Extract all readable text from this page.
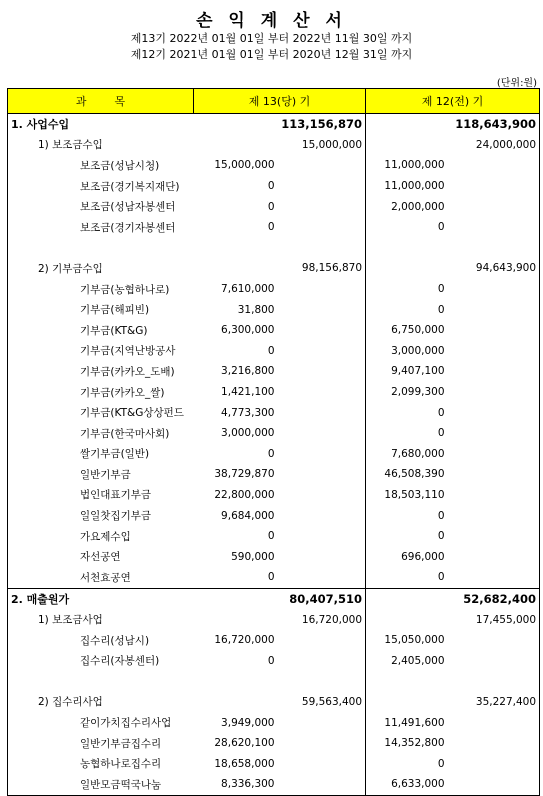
손 익 계 산 서
제13기 2022년 01월 01일 부터 2022년 11월 30일 까지
제12기 2021년 01월 01일 부터 2020년 12월 31일 까지
(단위:원)
과        목	제 13(당) 기		제 12(전) 기	
1. 사업수입		113,156,870		118,643,900
1) 보조금수입		15,000,000		24,000,000
보조금(성남시청)	15,000,000		11,000,000	
보조금(경기복지재단)	0		11,000,000	
보조금(성남자봉센터	0		2,000,000	
보조금(경기자봉센터	0		0	

2) 기부금수입		98,156,870		94,643,900
기부금(농협하나로)	7,610,000		0	
기부금(해피빈)	31,800		0	
기부금(KT&G)	6,300,000		6,750,000	
기부금(지역난방공사	0		3,000,000	
기부금(카카오_도배)	3,216,800		9,407,100	
기부금(카카오_쌀)	1,421,100		2,099,300	
기부금(KT&G상상펀드	4,773,300		0	
기부금(한국마사회)	3,000,000		0	
쌀기부금(일반)	0		7,680,000	
일반기부금	38,729,870		46,508,390	
법인대표기부금	22,800,000		18,503,110	
일일찻집기부금	9,684,000		0	
가요제수입	0		0	
자선공연	590,000		696,000	
서천효공연	0		0	
2. 매출원가		80,407,510		52,682,400
1) 보조금사업		16,720,000		17,455,000
집수리(성남시)	16,720,000		15,050,000	
집수리(자봉센터)	0		2,405,000	

2) 집수리사업		59,563,400		35,227,400
같이가치집수리사업	3,949,000		11,491,600	
일반기부금집수리	28,620,100		14,352,800	
농협하나로집수리	18,658,000		0	
일반모금떡국나눔	8,336,300		6,633,000	
